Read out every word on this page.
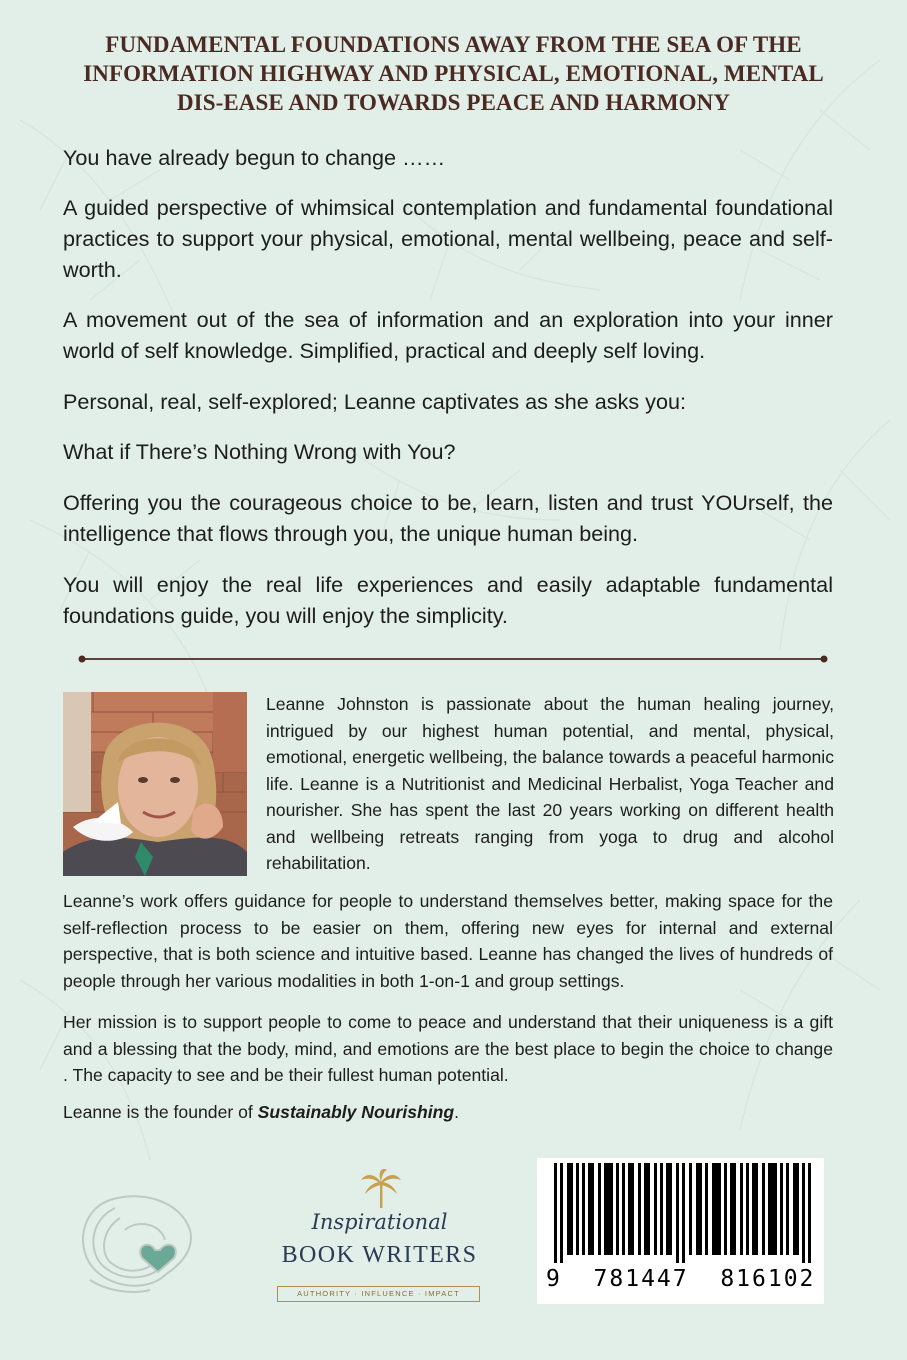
FUNDAMENTAL FOUNDATIONS AWAY FROM THE SEA OF THE
INFORMATION HIGHWAY AND PHYSICAL, EMOTIONAL, MENTAL
DIS-EASE AND TOWARDS PEACE AND HARMONY

You have already begun to change ……

A guided perspective of whimsical contemplation and fundamental foundational practices to support your physical, emotional, mental wellbeing, peace and self-worth.

A movement out of the sea of information and an exploration into your inner world of self knowledge. Simplified, practical and deeply self loving.

Personal, real, self-explored; Leanne captivates as she asks you:

What if There’s Nothing Wrong with You?

Offering you the courageous choice to be, learn, listen and trust YOUrself, the intelligence that flows through you, the unique human being.

You will enjoy the real life experiences and easily adaptable fundamental foundations guide, you will enjoy the simplicity.

Leanne Johnston is passionate about the human healing journey, intrigued by our highest human potential, and mental, physical, emotional, energetic wellbeing, the balance towards a peaceful harmonic life. Leanne is a Nutritionist and Medicinal Herbalist, Yoga Teacher and nourisher. She has spent the last 20 years working on different health and wellbeing retreats ranging from yoga to drug and alcohol rehabilitation.

Leanne’s work offers guidance for people to understand themselves better, making space for the self-reflection process to be easier on them, offering new eyes for internal and external perspective, that is both science and intuitive based. Leanne has changed the lives of hundreds of people through her various modalities in both 1-on-1 and group settings.

Her mission is to support people to come to peace and understand that their uniqueness is a gift and a blessing that the body, mind, and emotions are the best place to begin the choice to change . The capacity to see and be their fullest human potential.

Leanne is the founder of Sustainably Nourishing.

Inspirational
BOOK WRITERS
AUTHORITY · INFLUENCE · IMPACT
9  781447  816102
